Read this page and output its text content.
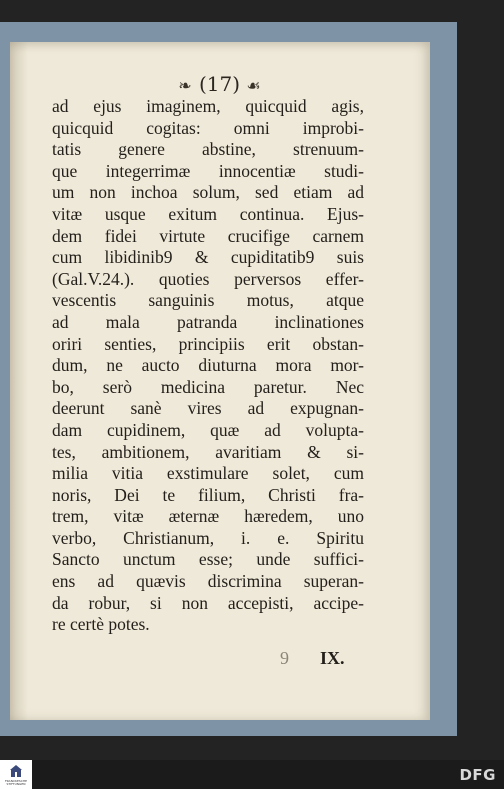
❧ (17) ☙
ad ejus imaginem, quicquid agis,
quicquid cogitas: omni improbi-
tatis genere abstine, strenuum-
que integerrimæ innocentiæ studi-
um non inchoa solum, sed etiam ad
vitæ usque exitum continua. Ejus-
dem fidei virtute crucifige carnem
cum libidinib9 & cupiditatib9 suis
(Gal.V.24.). quoties perversos effer-
vescentis sanguinis motus, atque
ad mala patranda inclinationes
oriri senties, principiis erit obstan-
dum, ne aucto diuturna mora mor-
bo, serò medicina paretur. Nec
deerunt sanè vires ad expugnan-
dam cupidinem, quæ ad volupta-
tes, ambitionem, avaritiam & si-
milia vitia exstimulare solet, cum
noris, Dei te filium, Christi fra-
trem, vitæ æternæ hæredem, uno
verbo, Christianum, i. e. Spiritu
Sancto unctum esse; unde suffici-
ens ad quævis discrimina superan-
da robur, si non accepisti, accipe-
re certè potes.
9 IX.
FRANCKESCHE STIFTUNGEN	DFG
